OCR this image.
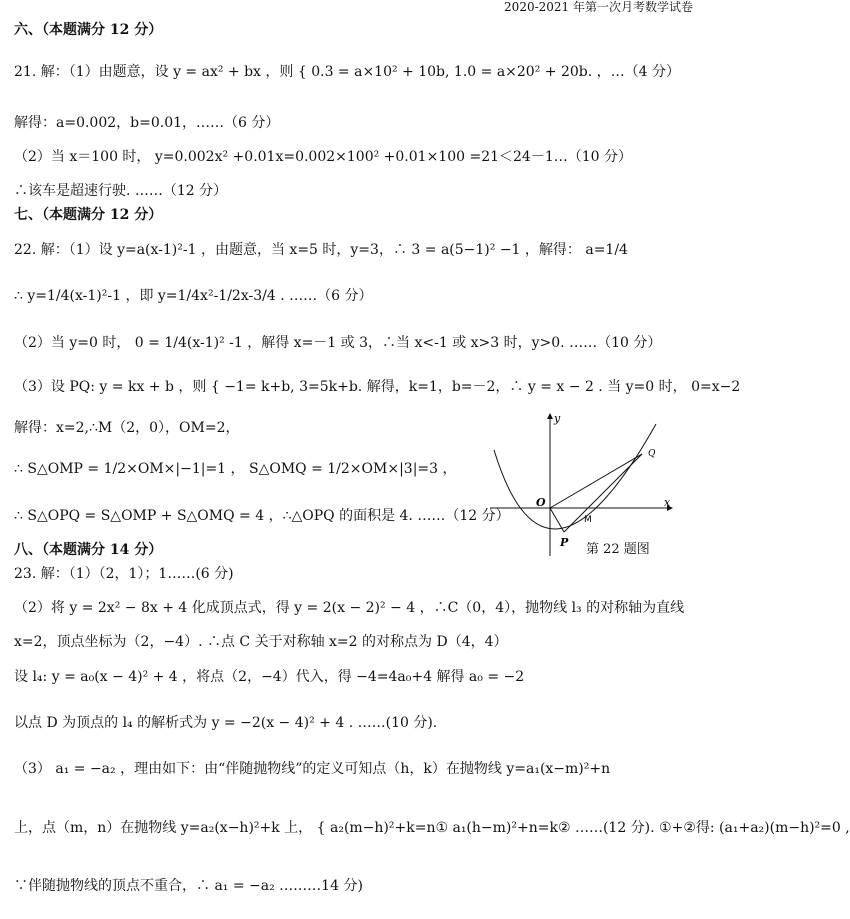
2020-2021 年第一次月考数学试卷
六、（本题满分 12 分）
21. 解：（1）由题意，设 y = ax² + bx ，则 { 0.3 = a×10² + 10b, 1.0 = a×20² + 20b. ，…（4 分）
解得：a=0.002，b=0.01，……（6 分）
（2）当 x＝100 时， y=0.002x² +0.01x=0.002×100² +0.01×100 =21＜24－1…（10 分）
∴该车是超速行驶. ……（12 分）
七、（本题满分 12 分）
22. 解：（1）设 y=a(x-1)²-1 ，由题意，当 x=5 时，y=3，∴ 3 = a(5−1)² −1 ，解得： a=1/4
∴ y=1/4(x-1)²-1 ，即 y=1/4x²-1/2x-3/4 . ……（6 分）
（2）当 y=0 时， 0 = 1/4(x-1)² -1 ，解得 x=－1 或 3，∴当 x<-1 或 x>3 时，y>0. ……（10 分）
（3）设 PQ: y = kx + b ，则 { −1= k+b, 3=5k+b. 解得，k=1，b=－2，∴ y = x − 2 . 当 y=0 时， 0=x−2
解得：x=2,∴M（2，0），OM=2，
∴ S△OMP = 1/2×OM×|−1|=1 ， S△OMQ = 1/2×OM×|3|=3 ，
∴ S△OPQ = S△OMP + S△OMQ = 4 ，∴△OPQ 的面积是 4. ……（12 分）
八、（本题满分 14 分）
23. 解：（1）（2，1）；1……(6 分)
（2）将 y = 2x² − 8x + 4 化成顶点式，得 y = 2(x − 2)² − 4 ，∴C（0，4），抛物线 l₃ 的对称轴为直线
x=2，顶点坐标为（2，−4）. ∴点 C 关于对称轴 x=2 的对称点为 D（4，4）
设 l₄: y = a₀(x − 4)² + 4 ，将点（2，−4）代入，得 −4=4a₀+4 解得 a₀ = −2
以点 D 为顶点的 l₄ 的解析式为 y = −2(x − 4)² + 4 . ……(10 分).
（3） a₁ = −a₂ ，理由如下：由“伴随抛物线”的定义可知点（h，k）在抛物线 y=a₁(x−m)²+n
上，点（m，n）在抛物线 y=a₂(x−h)²+k 上， { a₂(m−h)²+k=n① a₁(h−m)²+n=k② ……(12 分). ①+②得: (a₁+a₂)(m−h)²=0 ,
∵伴随抛物线的顶点不重合，∴ a₁ = −a₂ ………14 分)
x
y
O
P
Q
M
第 22 题图
